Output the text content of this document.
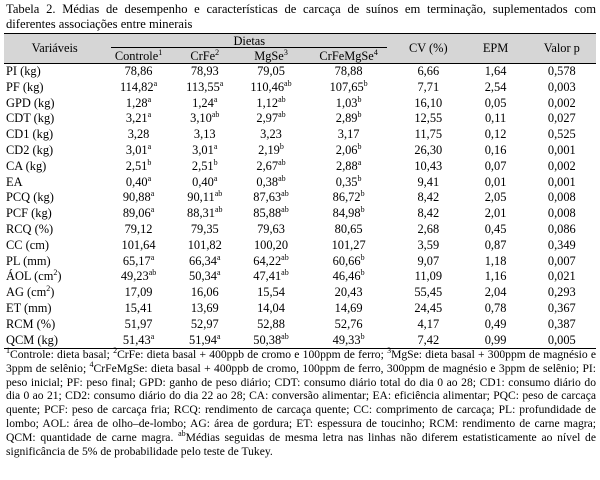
Tabela 2. Médias de desempenho e características de carcaça de suínos em terminação, suplementados com diferentes associações entre minerais
Variáveis	Dietas				CV (%)	EPM	Valor p
	Controle$^1$	CrFe$^2$	MgSe$^3$	CrFeMgSe$^4$
PI (kg)	78,86	78,93	79,05	78,88	6,66	1,64	0,578
PF (kg)	114,82$^a$	113,55$^a$	110,46$^{ab}$	107,65$^b$	7,71	2,54	0,003
GPD (kg)	1,28$^a$	1,24$^a$	1,12$^{ab}$	1,03$^b$	16,10	0,05	0,002
CDT (kg)	3,21$^a$	3,10$^{ab}$	2,97$^{ab}$	2,89$^b$	12,55	0,11	0,027
CD1 (kg)	3,28	3,13	3,23	3,17	11,75	0,12	0,525
CD2 (kg)	3,01$^a$	3,01$^a$	2,19$^b$	2,06$^b$	26,30	0,16	0,001
CA (kg)	2,51$^b$	2,51$^b$	2,67$^{ab}$	2,88$^a$	10,43	0,07	0,002
EA	0,40$^a$	0,40$^a$	0,38$^{ab}$	0,35$^b$	9,41	0,01	0,001
PCQ (kg)	90,88$^a$	90,11$^{ab}$	87,63$^{ab}$	86,72$^b$	8,42	2,05	0,008
PCF (kg)	89,06$^a$	88,31$^{ab}$	85,88$^{ab}$	84,98$^b$	8,42	2,01	0,008
RCQ (%)	79,12	79,35	79,63	80,65	2,68	0,45	0,086
CC (cm)	101,64	101,82	100,20	101,27	3,59	0,87	0,349
PL (mm)	65,17$^a$	66,34$^a$	64,22$^{ab}$	60,66$^b$	9,07	1,18	0,007
ÁOL $(cm^2)$	49,23$^{ab}$	50,34$^a$	47,41$^{ab}$	46,46$^b$	11,09	1,16	0,021
AG $(cm^2)$	17,09	16,06	15,54	20,43	55,45	2,04	0,293
ET (mm)	15,41	13,69	14,04	14,69	24,45	0,78	0,367
RCM (%)	51,97	52,97	52,88	52,76	4,17	0,49	0,387
QCM (kg)	51,43$^a$	51,94$^a$	50,38$^{ab}$	49,33$^b$	7,42	0,99	0,005
$^1$Controle: dieta basal; $^2$CrFe: dieta basal + 400ppb de cromo e 100ppm de ferro; $^3$MgSe: dieta basal + 300ppm de magnésio e 3ppm de selênio; $^4$CrFeMgSe: dieta basal + 400ppb de cromo, 100ppm de ferro, 300ppm de magnésio e 3ppm de selênio; PI: peso inicial; PF: peso final; GPD: ganho de peso diário; CDT: consumo diário total do dia 0 ao 28; CD1: consumo diário do dia 0 ao 21; CD2: consumo diário do dia 22 ao 28; CA: conversão alimentar; EA: eficiência alimentar; PQC: peso de carcaça quente; PCF: peso de carcaça fria; RCQ: rendimento de carcaça quente; CC: comprimento de carcaça; PL: profundidade de lombo; AOL: área de olho–de-lombo; AG: área de gordura; ET: espessura de toucinho; RCM: rendimento de carne magra; QCM: quantidade de carne magra. $^{ab}$Médias seguidas de mesma letra nas linhas não diferem estatisticamente ao nível de significância de 5% de probabilidade pelo teste de Tukey.
